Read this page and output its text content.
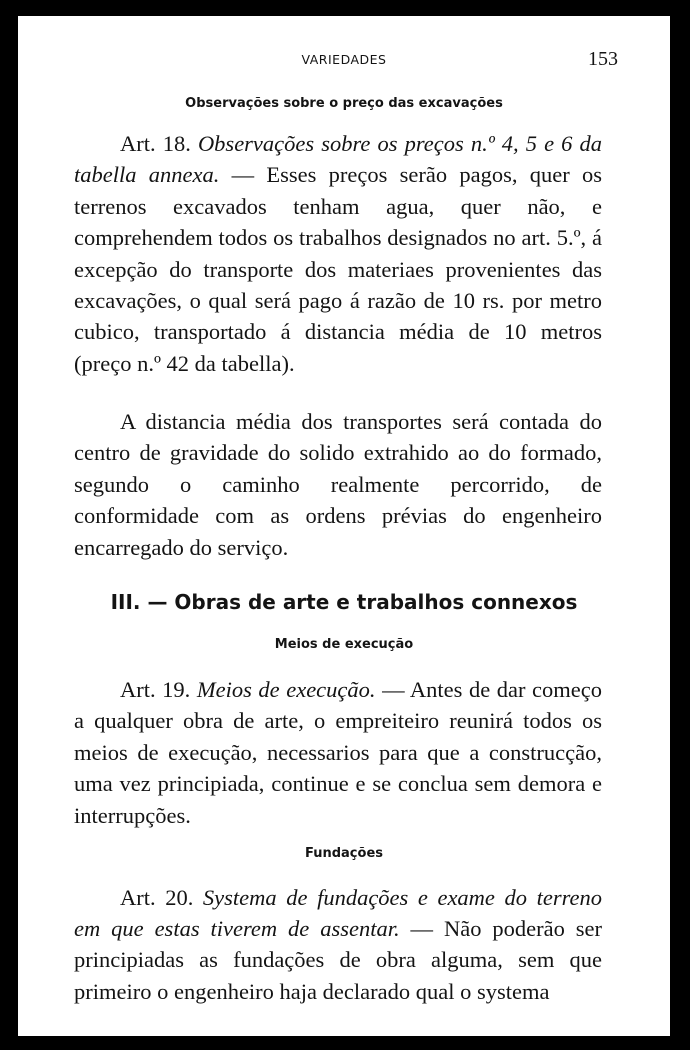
VARIEDADES	153
Observações sobre o preço das excavações

Art. 18. Observações sobre os preços n.º 4, 5 e 6 da tabella annexa. — Esses preços serão pagos, quer os terrenos excavados tenham agua, quer não, e comprehendem todos os trabalhos designados no art. 5.º, á excepção do transporte dos materiaes provenientes das excavações, o qual será pago á razão de 10 rs. por metro cubico, transportado á distancia média de 10 metros (preço n.º 42 da tabella).

A distancia média dos transportes será contada do centro de gravidade do solido extrahido ao do formado, segundo o caminho realmente percorrido, de conformidade com as ordens prévias do engenheiro encarregado do serviço.

III. — Obras de arte e trabalhos connexos
Meios de execução

Art. 19. Meios de execução. — Antes de dar começo a qualquer obra de arte, o empreiteiro reunirá todos os meios de execução, necessarios para que a construcção, uma vez principiada, continue e se conclua sem demora e interrupções.

Fundações

Art. 20. Systema de fundações e exame do terreno em que estas tiverem de assentar. — Não poderão ser principiadas as fundações de obra alguma, sem que primeiro o engenheiro haja declarado qual o systema
